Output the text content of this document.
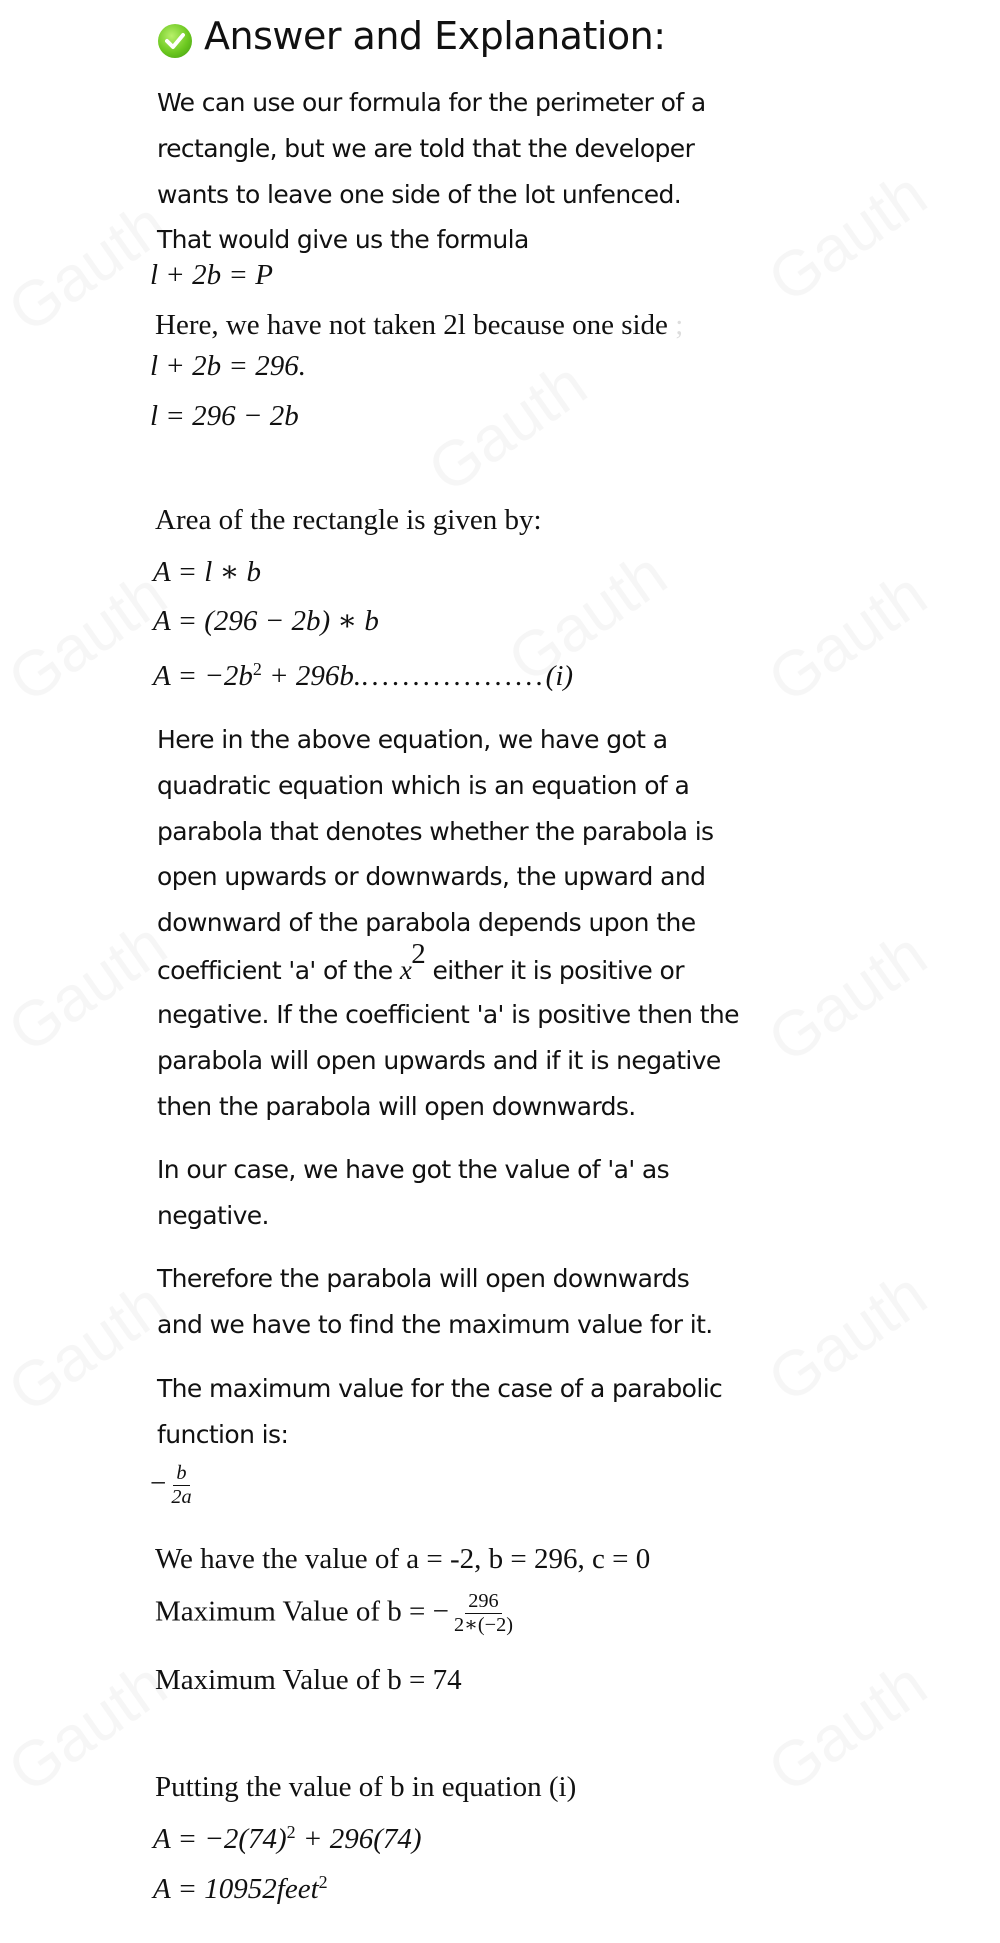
Answer and Explanation:
We can use our formula for the perimeter of a
rectangle, but we are told that the developer
wants to leave one side of the lot unfenced.
That would give us the formula
l + 2b = P
Here, we have not taken 2l because one side ;
l + 2b = 296.
l = 296 − 2b
Area of the rectangle is given by:
A = l ∗ b
A = (296 − 2b) ∗ b
$A = -2b^2 + 296b...................(i)$
Here in the above equation, we have got a
quadratic equation which is an equation of a
parabola that denotes whether the parabola is
open upwards or downwards, the upward and
downward of the parabola depends upon the
coefficient 'a' of the $x^2$ either it is positive or
negative. If the coefficient 'a' is positive then the
parabola will open upwards and if it is negative
then the parabola will open downwards.
In our case, we have got the value of 'a' as
negative.
Therefore the parabola will open downwards
and we have to find the maximum value for it.
The maximum value for the case of a parabolic
function is:
− $\frac{b}{2a}$
We have the value of a = -2, b = 296, c = 0
Maximum Value of b = − $\frac{296}{2∗(-2)}$
Maximum Value of b = 74
Putting the value of b in equation (i)
$A = -2(74)^2 + 296(74)$
A = 10952feet$^2$
